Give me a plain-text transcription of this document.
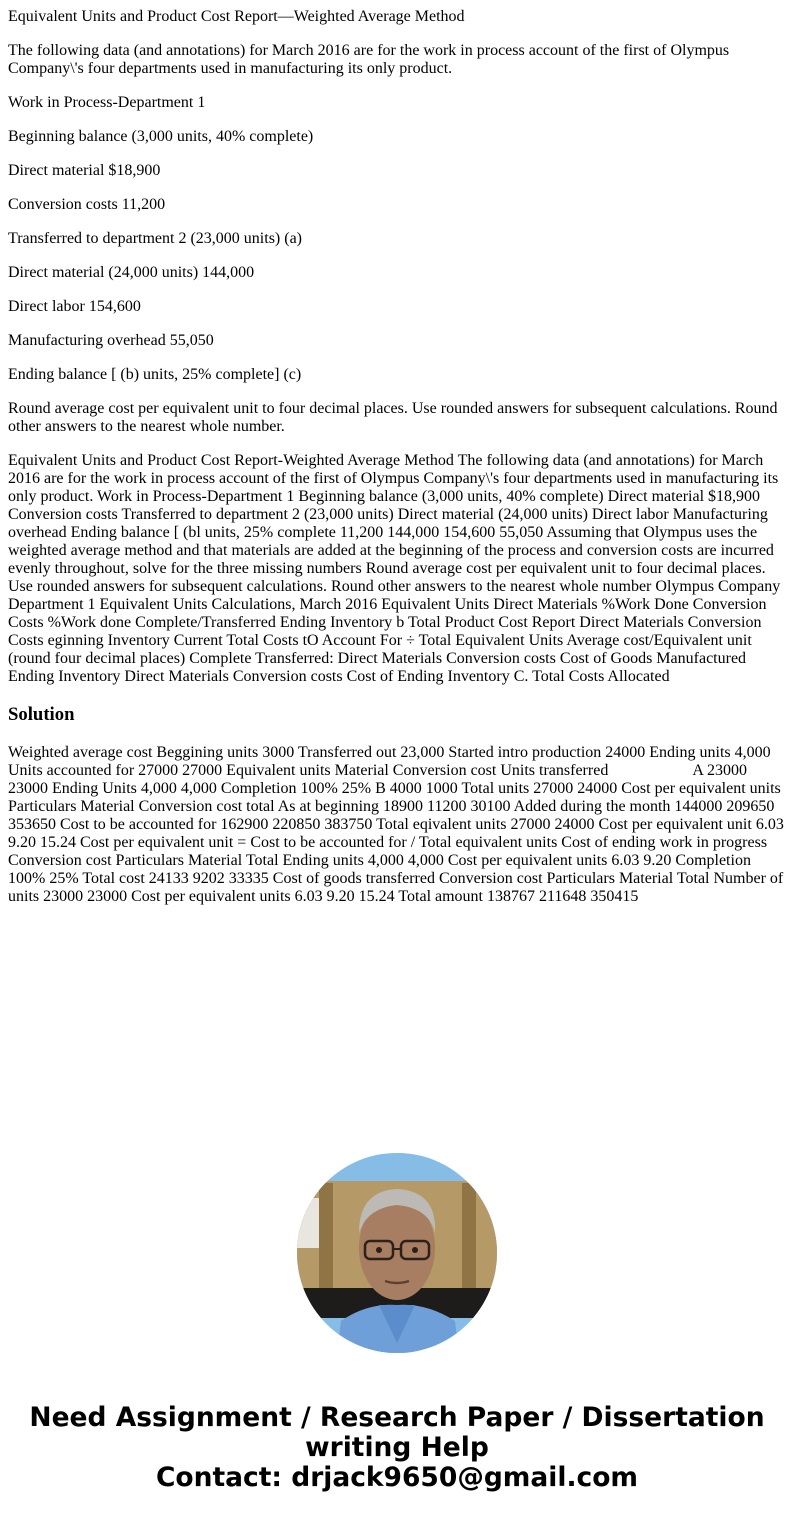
Equivalent Units and Product Cost Report—Weighted Average Method

The following data (and annotations) for March 2016 are for the work in process account of the first of Olympus Company\'s four departments used in manufacturing its only product.

Work in Process-Department 1

Beginning balance (3,000 units, 40% complete)

Direct material $18,900

Conversion costs 11,200

Transferred to department 2 (23,000 units) (a)

Direct material (24,000 units) 144,000

Direct labor 154,600

Manufacturing overhead 55,050

Ending balance [ (b) units, 25% complete] (c)

Round average cost per equivalent unit to four decimal places. Use rounded answers for subsequent calculations. Round other answers to the nearest whole number.

Equivalent Units and Product Cost Report-Weighted Average Method The following data (and annotations) for March 2016 are for the work in process account of the first of Olympus Company\'s four departments used in manufacturing its only product. Work in Process-Department 1 Beginning balance (3,000 units, 40% complete) Direct material $18,900 Conversion costs Transferred to department 2 (23,000 units) Direct material (24,000 units) Direct labor Manufacturing overhead Ending balance [ (bl units, 25% complete 11,200 144,000 154,600 55,050 Assuming that Olympus uses the weighted average method and that materials are added at the beginning of the process and conversion costs are incurred evenly throughout, solve for the three missing numbers Round average cost per equivalent unit to four decimal places. Use rounded answers for subsequent calculations. Round other answers to the nearest whole number Olympus Company Department 1 Equivalent Units Calculations, March 2016 Equivalent Units Direct Materials %Work Done Conversion Costs %Work done Complete/Transferred Ending Inventory b Total Product Cost Report Direct Materials Conversion Costs eginning Inventory Current Total Costs tO Account For ÷ Total Equivalent Units Average cost/Equivalent unit (round four decimal places) Complete Transferred: Direct Materials Conversion costs Cost of Goods Manufactured Ending Inventory Direct Materials Conversion costs Cost of Ending Inventory C. Total Costs Allocated

Solution

Weighted average cost Beggining units 3000 Transferred out 23,000 Started intro production 24000 Ending units 4,000 Units accounted for 27000 27000 Equivalent units Material Conversion cost Units transferred	A 23000 23000 Ending Units 4,000 4,000 Completion 100% 25% B 4000 1000 Total units 27000 24000 Cost per equivalent units Particulars Material Conversion cost total As at beginning 18900 11200 30100 Added during the month 144000 209650 353650 Cost to be accounted for 162900 220850 383750 Total eqivalent units 27000 24000 Cost per equivalent unit 6.03 9.20 15.24 Cost per equivalent unit = Cost to be accounted for / Total equivalent units Cost of ending work in progress Conversion cost Particulars Material Total Ending units 4,000 4,000 Cost per equivalent units 6.03 9.20 Completion 100% 25% Total cost 24133 9202 33335 Cost of goods transferred Conversion cost Particulars Material Total Number of units 23000 23000 Cost per equivalent units 6.03 9.20 15.24 Total amount 138767 211648 350415

Need Assignment / Research Paper / Dissertation
writing Help
Contact: drjack9650@gmail.com
